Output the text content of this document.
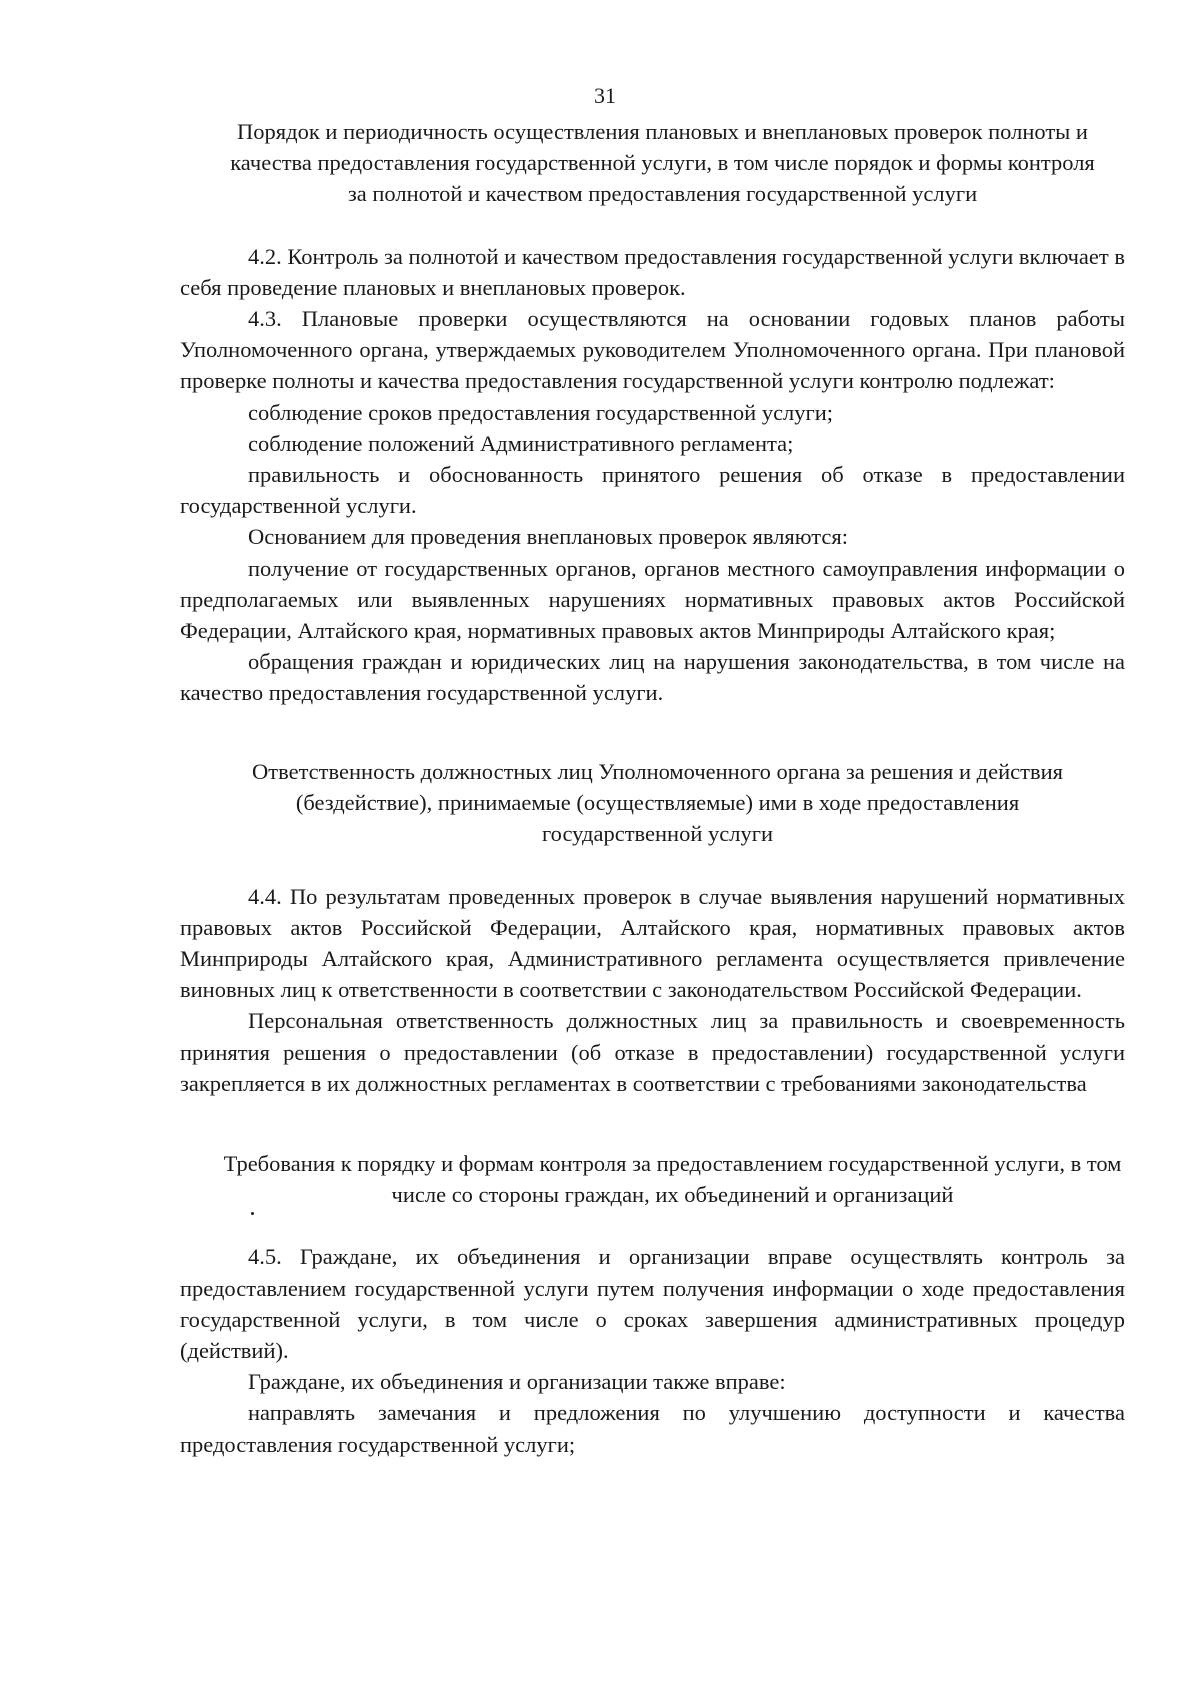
31

Порядок и периодичность осуществления плановых и внеплановых проверок полноты и качества предоставления государственной услуги, в том числе порядок и формы контроля за полнотой и качеством предоставления государственной услуги

4.2. Контроль за полнотой и качеством предоставления государственной услуги включает в себя проведение плановых и внеплановых проверок.

4.3. Плановые проверки осуществляются на основании годовых планов работы Уполномоченного органа, утверждаемых руководителем Уполномоченного органа. При плановой проверке полноты и качества предоставления государственной услуги контролю подлежат:

соблюдение сроков предоставления государственной услуги;

соблюдение положений Административного регламента;

правильность и обоснованность принятого решения об отказе в предоставлении государственной услуги.

Основанием для проведения внеплановых проверок являются:

получение от государственных органов, органов местного самоуправления информации о предполагаемых или выявленных нарушениях нормативных правовых актов Российской Федерации, Алтайского края, нормативных правовых актов Минприроды Алтайского края;

обращения граждан и юридических лиц на нарушения законодательства, в том числе на качество предоставления государственной услуги.

Ответственность должностных лиц Уполномоченного органа за решения и действия (бездействие), принимаемые (осуществляемые) ими в ходе предоставления государственной услуги

4.4. По результатам проведенных проверок в случае выявления нарушений нормативных правовых актов Российской Федерации, Алтайского края, нормативных правовых актов Минприроды Алтайского края, Административного регламента осуществляется привлечение виновных лиц к ответственности в соответствии с законодательством Российской Федерации.

Персональная ответственность должностных лиц за правильность и своевременность принятия решения о предоставлении (об отказе в предоставлении) государственной услуги закрепляется в их должностных регламентах в соответствии с требованиями законодательства

Требования к порядку и формам контроля за предоставлением государственной услуги, в том числе со стороны граждан, их объединений и организаций

4.5. Граждане, их объединения и организации вправе осуществлять контроль за предоставлением государственной услуги путем получения информации о ходе предоставления государственной услуги, в том числе о сроках завершения административных процедур (действий).

Граждане, их объединения и организации также вправе:

направлять замечания и предложения по улучшению доступности и качества предоставления государственной услуги;
